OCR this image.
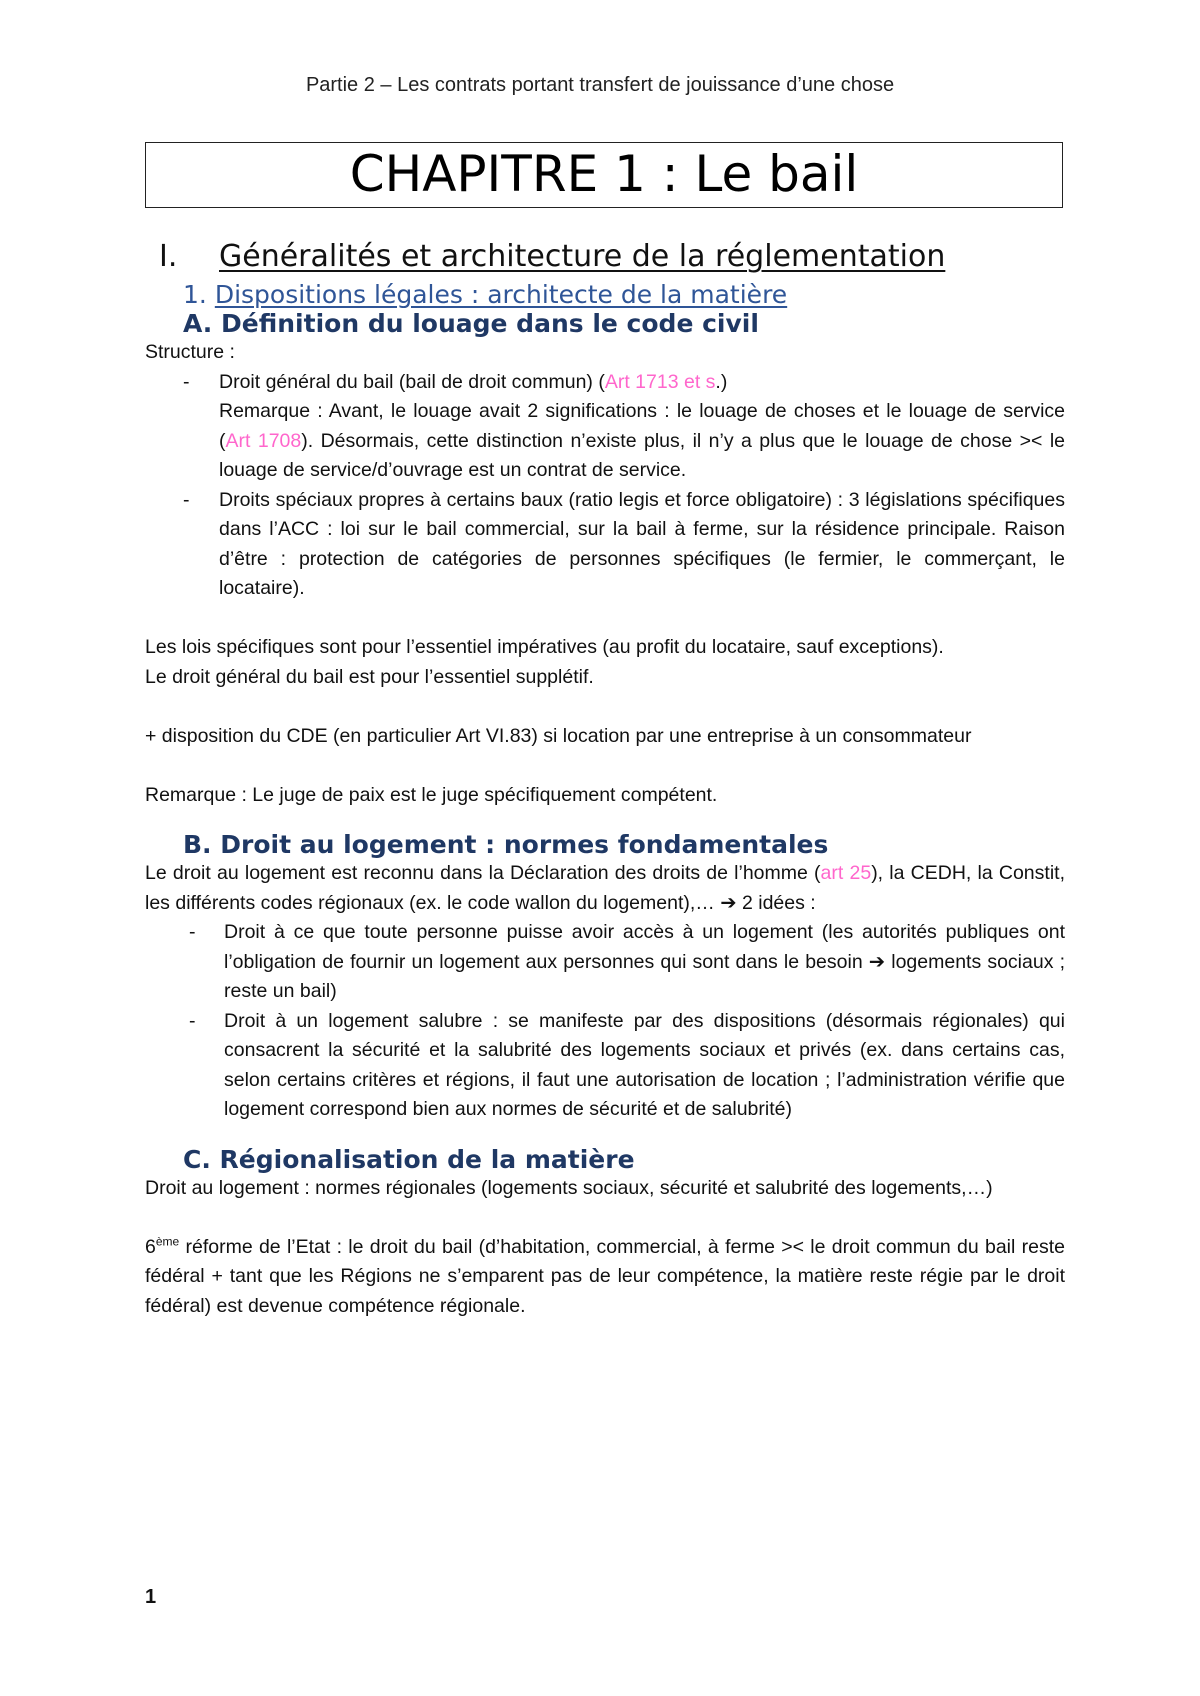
Partie 2 – Les contrats portant transfert de jouissance d’une chose
CHAPITRE 1 : Le bail
I.	Généralités et architecture de la réglementation
1. Dispositions légales : architecte de la matière
A. Définition du louage dans le code civil

Structure :

- Droit général du bail (bail de droit commun) (Art 1713 et s.)
Remarque : Avant, le louage avait 2 significations : le louage de choses et le louage de service (Art 1708). Désormais, cette distinction n’existe plus, il n’y a plus que le louage de chose >< le louage de service/d’ouvrage est un contrat de service.
- Droits spéciaux propres à certains baux (ratio legis et force obligatoire) : 3 législations spécifiques dans l’ACC : loi sur le bail commercial, sur la bail à ferme, sur la résidence principale. Raison d’être : protection de catégories de personnes spécifiques (le fermier, le commerçant, le locataire).

Les lois spécifiques sont pour l’essentiel impératives (au profit du locataire, sauf exceptions).

Le droit général du bail est pour l’essentiel supplétif.

+ disposition du CDE (en particulier Art VI.83) si location par une entreprise à un consommateur

Remarque : Le juge de paix est le juge spécifiquement compétent.

B. Droit au logement : normes fondamentales

Le droit au logement est reconnu dans la Déclaration des droits de l’homme (art 25), la CEDH, la Constit, les différents codes régionaux (ex. le code wallon du logement),… ➔ 2 idées :

- Droit à ce que toute personne puisse avoir accès à un logement (les autorités publiques ont l’obligation de fournir un logement aux personnes qui sont dans le besoin ➔ logements sociaux ; reste un bail)
- Droit à un logement salubre : se manifeste par des dispositions (désormais régionales) qui consacrent la sécurité et la salubrité des logements sociaux et privés (ex. dans certains cas, selon certains critères et régions, il faut une autorisation de location ; l’administration vérifie que logement correspond bien aux normes de sécurité et de salubrité)
C. Régionalisation de la matière

Droit au logement : normes régionales (logements sociaux, sécurité et salubrité des logements,…)

6ème réforme de l’Etat : le droit du bail (d’habitation, commercial, à ferme >< le droit commun du bail reste fédéral + tant que les Régions ne s’emparent pas de leur compétence, la matière reste régie par le droit fédéral) est devenue compétence régionale.

1
